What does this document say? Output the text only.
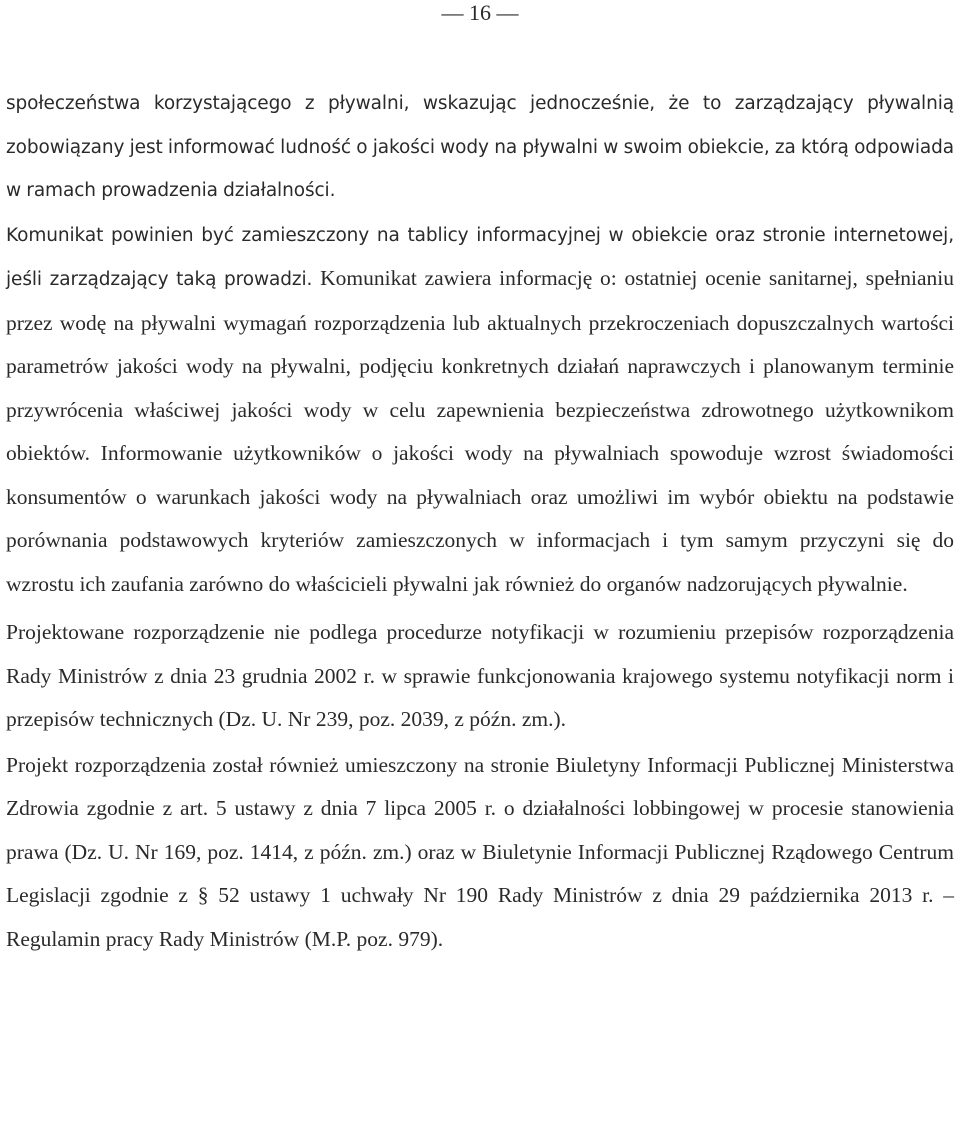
— 16 —

społeczeństwa korzystającego z pływalni, wskazując jednocześnie, że to zarządzający pływalnią zobowiązany jest informować ludność o jakości wody na pływalni w swoim obiekcie, za którą odpowiada w ramach prowadzenia działalności.

Komunikat powinien być zamieszczony na tablicy informacyjnej w obiekcie oraz stronie internetowej, jeśli zarządzający taką prowadzi. Komunikat zawiera informację o: ostatniej ocenie sanitarnej, spełnianiu przez wodę na pływalni wymagań rozporządzenia lub aktualnych przekroczeniach dopuszczalnych wartości parametrów jakości wody na pływalni, podjęciu konkretnych działań naprawczych i planowanym terminie przywrócenia właściwej jakości wody w celu zapewnienia bezpieczeństwa zdrowotnego użytkownikom obiektów. Informowanie użytkowników o jakości wody na pływalniach spowoduje wzrost świadomości konsumentów o warunkach jakości wody na pływalniach oraz umożliwi im wybór obiektu na podstawie porównania podstawowych kryteriów zamieszczonych w informacjach i tym samym przyczyni się do wzrostu ich zaufania zarówno do właścicieli pływalni jak również do organów nadzorujących pływalnie.

Projektowane rozporządzenie nie podlega procedurze notyfikacji w rozumieniu przepisów rozporządzenia Rady Ministrów z dnia 23 grudnia 2002 r. w sprawie funkcjonowania krajowego systemu notyfikacji norm i przepisów technicznych (Dz. U. Nr 239, poz. 2039, z późn. zm.).

Projekt rozporządzenia został również umieszczony na stronie Biuletyny Informacji Publicznej Ministerstwa Zdrowia zgodnie z art. 5 ustawy z dnia 7 lipca 2005 r. o działalności lobbingowej w procesie stanowienia prawa (Dz. U. Nr 169, poz. 1414, z późn. zm.) oraz w Biuletynie Informacji Publicznej Rządowego Centrum Legislacji zgodnie z § 52 ustawy 1 uchwały Nr 190 Rady Ministrów z dnia 29 października 2013 r. – Regulamin pracy Rady Ministrów (M.P. poz. 979).
